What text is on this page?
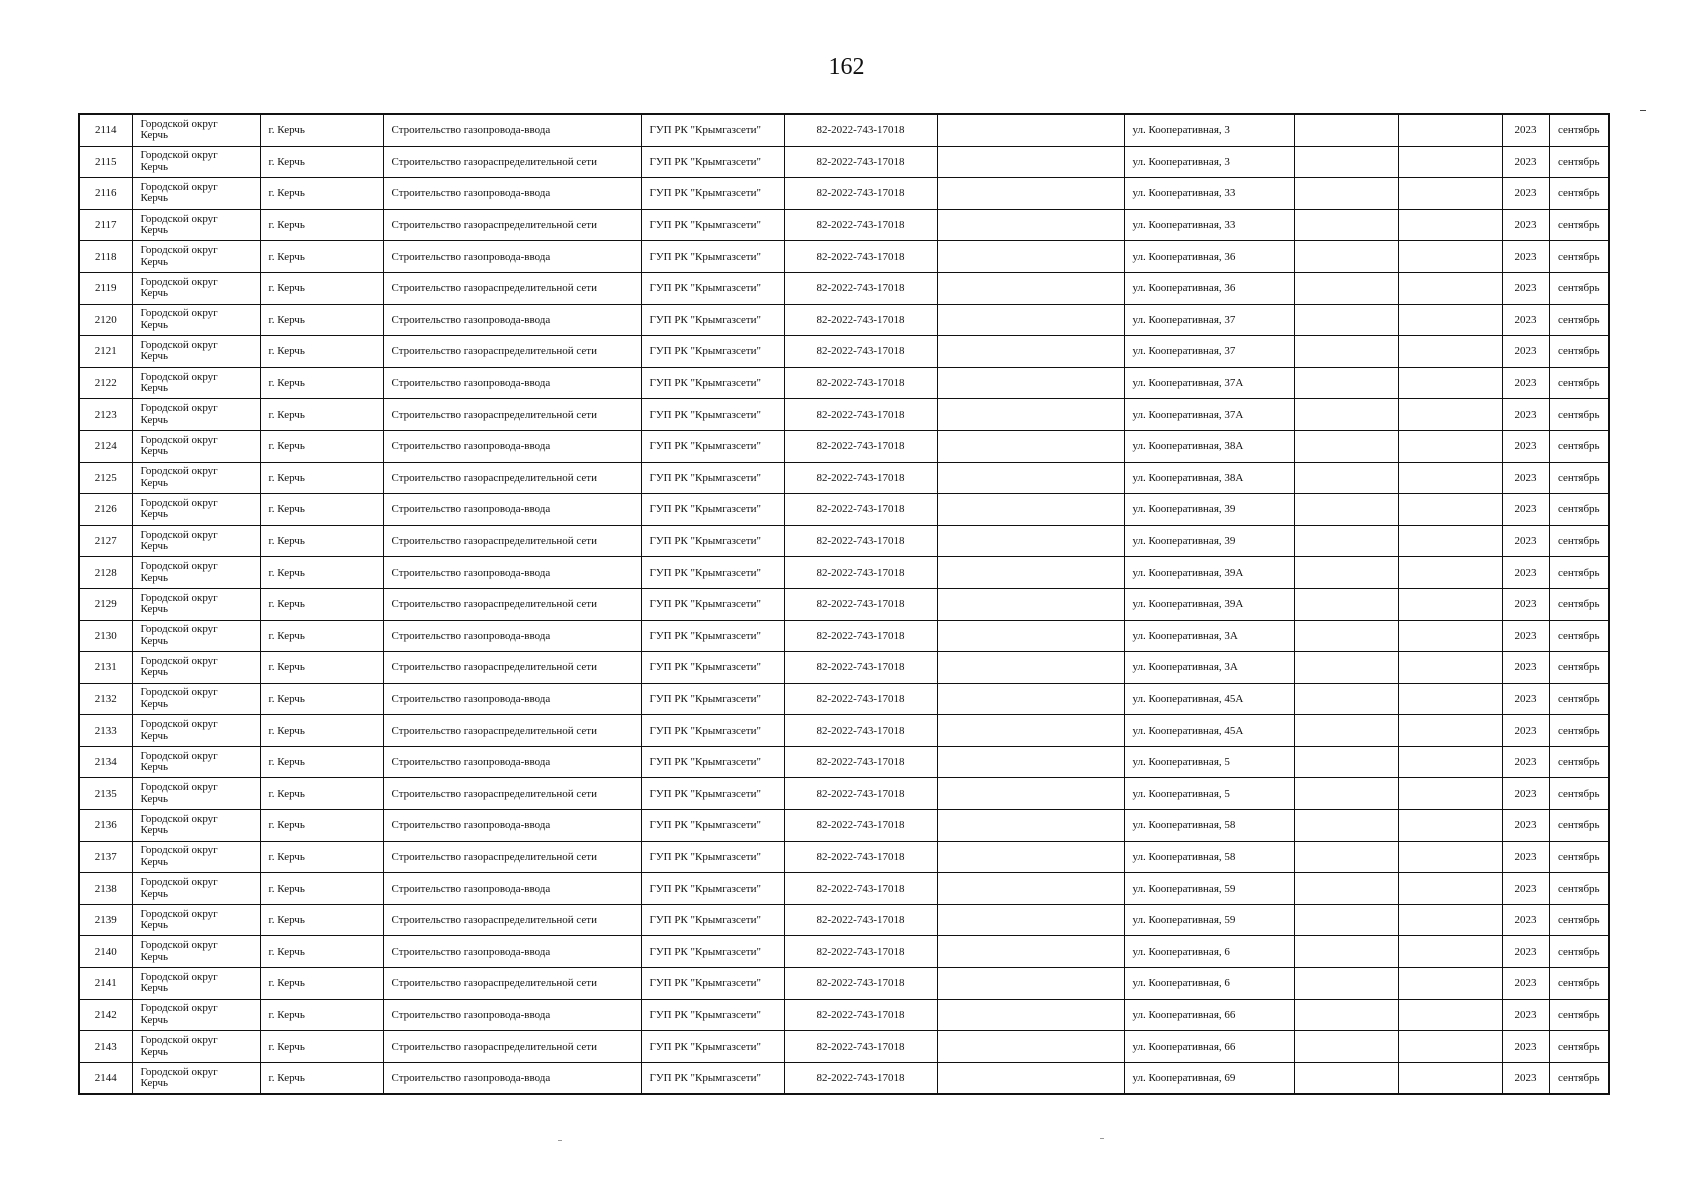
162
2114	Городской округ Керчь	г. Керчь	Строительство газопровода-ввода	ГУП РК "Крымгазсети"	82-2022-743-17018		ул. Кооперативная, 3			2023	сентябрь
2115	Городской округ Керчь	г. Керчь	Строительство газораспределительной сети	ГУП РК "Крымгазсети"	82-2022-743-17018		ул. Кооперативная, 3			2023	сентябрь
2116	Городской округ Керчь	г. Керчь	Строительство газопровода-ввода	ГУП РК "Крымгазсети"	82-2022-743-17018		ул. Кооперативная, 33			2023	сентябрь
2117	Городской округ Керчь	г. Керчь	Строительство газораспределительной сети	ГУП РК "Крымгазсети"	82-2022-743-17018		ул. Кооперативная, 33			2023	сентябрь
2118	Городской округ Керчь	г. Керчь	Строительство газопровода-ввода	ГУП РК "Крымгазсети"	82-2022-743-17018		ул. Кооперативная, 36			2023	сентябрь
2119	Городской округ Керчь	г. Керчь	Строительство газораспределительной сети	ГУП РК "Крымгазсети"	82-2022-743-17018		ул. Кооперативная, 36			2023	сентябрь
2120	Городской округ Керчь	г. Керчь	Строительство газопровода-ввода	ГУП РК "Крымгазсети"	82-2022-743-17018		ул. Кооперативная, 37			2023	сентябрь
2121	Городской округ Керчь	г. Керчь	Строительство газораспределительной сети	ГУП РК "Крымгазсети"	82-2022-743-17018		ул. Кооперативная, 37			2023	сентябрь
2122	Городской округ Керчь	г. Керчь	Строительство газопровода-ввода	ГУП РК "Крымгазсети"	82-2022-743-17018		ул. Кооперативная, 37А			2023	сентябрь
2123	Городской округ Керчь	г. Керчь	Строительство газораспределительной сети	ГУП РК "Крымгазсети"	82-2022-743-17018		ул. Кооперативная, 37А			2023	сентябрь
2124	Городской округ Керчь	г. Керчь	Строительство газопровода-ввода	ГУП РК "Крымгазсети"	82-2022-743-17018		ул. Кооперативная, 38А			2023	сентябрь
2125	Городской округ Керчь	г. Керчь	Строительство газораспределительной сети	ГУП РК "Крымгазсети"	82-2022-743-17018		ул. Кооперативная, 38А			2023	сентябрь
2126	Городской округ Керчь	г. Керчь	Строительство газопровода-ввода	ГУП РК "Крымгазсети"	82-2022-743-17018		ул. Кооперативная, 39			2023	сентябрь
2127	Городской округ Керчь	г. Керчь	Строительство газораспределительной сети	ГУП РК "Крымгазсети"	82-2022-743-17018		ул. Кооперативная, 39			2023	сентябрь
2128	Городской округ Керчь	г. Керчь	Строительство газопровода-ввода	ГУП РК "Крымгазсети"	82-2022-743-17018		ул. Кооперативная, 39А			2023	сентябрь
2129	Городской округ Керчь	г. Керчь	Строительство газораспределительной сети	ГУП РК "Крымгазсети"	82-2022-743-17018		ул. Кооперативная, 39А			2023	сентябрь
2130	Городской округ Керчь	г. Керчь	Строительство газопровода-ввода	ГУП РК "Крымгазсети"	82-2022-743-17018		ул. Кооперативная, 3А			2023	сентябрь
2131	Городской округ Керчь	г. Керчь	Строительство газораспределительной сети	ГУП РК "Крымгазсети"	82-2022-743-17018		ул. Кооперативная, 3А			2023	сентябрь
2132	Городской округ Керчь	г. Керчь	Строительство газопровода-ввода	ГУП РК "Крымгазсети"	82-2022-743-17018		ул. Кооперативная, 45А			2023	сентябрь
2133	Городской округ Керчь	г. Керчь	Строительство газораспределительной сети	ГУП РК "Крымгазсети"	82-2022-743-17018		ул. Кооперативная, 45А			2023	сентябрь
2134	Городской округ Керчь	г. Керчь	Строительство газопровода-ввода	ГУП РК "Крымгазсети"	82-2022-743-17018		ул. Кооперативная, 5			2023	сентябрь
2135	Городской округ Керчь	г. Керчь	Строительство газораспределительной сети	ГУП РК "Крымгазсети"	82-2022-743-17018		ул. Кооперативная, 5			2023	сентябрь
2136	Городской округ Керчь	г. Керчь	Строительство газопровода-ввода	ГУП РК "Крымгазсети"	82-2022-743-17018		ул. Кооперативная, 58			2023	сентябрь
2137	Городской округ Керчь	г. Керчь	Строительство газораспределительной сети	ГУП РК "Крымгазсети"	82-2022-743-17018		ул. Кооперативная, 58			2023	сентябрь
2138	Городской округ Керчь	г. Керчь	Строительство газопровода-ввода	ГУП РК "Крымгазсети"	82-2022-743-17018		ул. Кооперативная, 59			2023	сентябрь
2139	Городской округ Керчь	г. Керчь	Строительство газораспределительной сети	ГУП РК "Крымгазсети"	82-2022-743-17018		ул. Кооперативная, 59			2023	сентябрь
2140	Городской округ Керчь	г. Керчь	Строительство газопровода-ввода	ГУП РК "Крымгазсети"	82-2022-743-17018		ул. Кооперативная, 6			2023	сентябрь
2141	Городской округ Керчь	г. Керчь	Строительство газораспределительной сети	ГУП РК "Крымгазсети"	82-2022-743-17018		ул. Кооперативная, 6			2023	сентябрь
2142	Городской округ Керчь	г. Керчь	Строительство газопровода-ввода	ГУП РК "Крымгазсети"	82-2022-743-17018		ул. Кооперативная, 66			2023	сентябрь
2143	Городской округ Керчь	г. Керчь	Строительство газораспределительной сети	ГУП РК "Крымгазсети"	82-2022-743-17018		ул. Кооперативная, 66			2023	сентябрь
2144	Городской округ Керчь	г. Керчь	Строительство газопровода-ввода	ГУП РК "Крымгазсети"	82-2022-743-17018		ул. Кооперативная, 69			2023	сентябрь
